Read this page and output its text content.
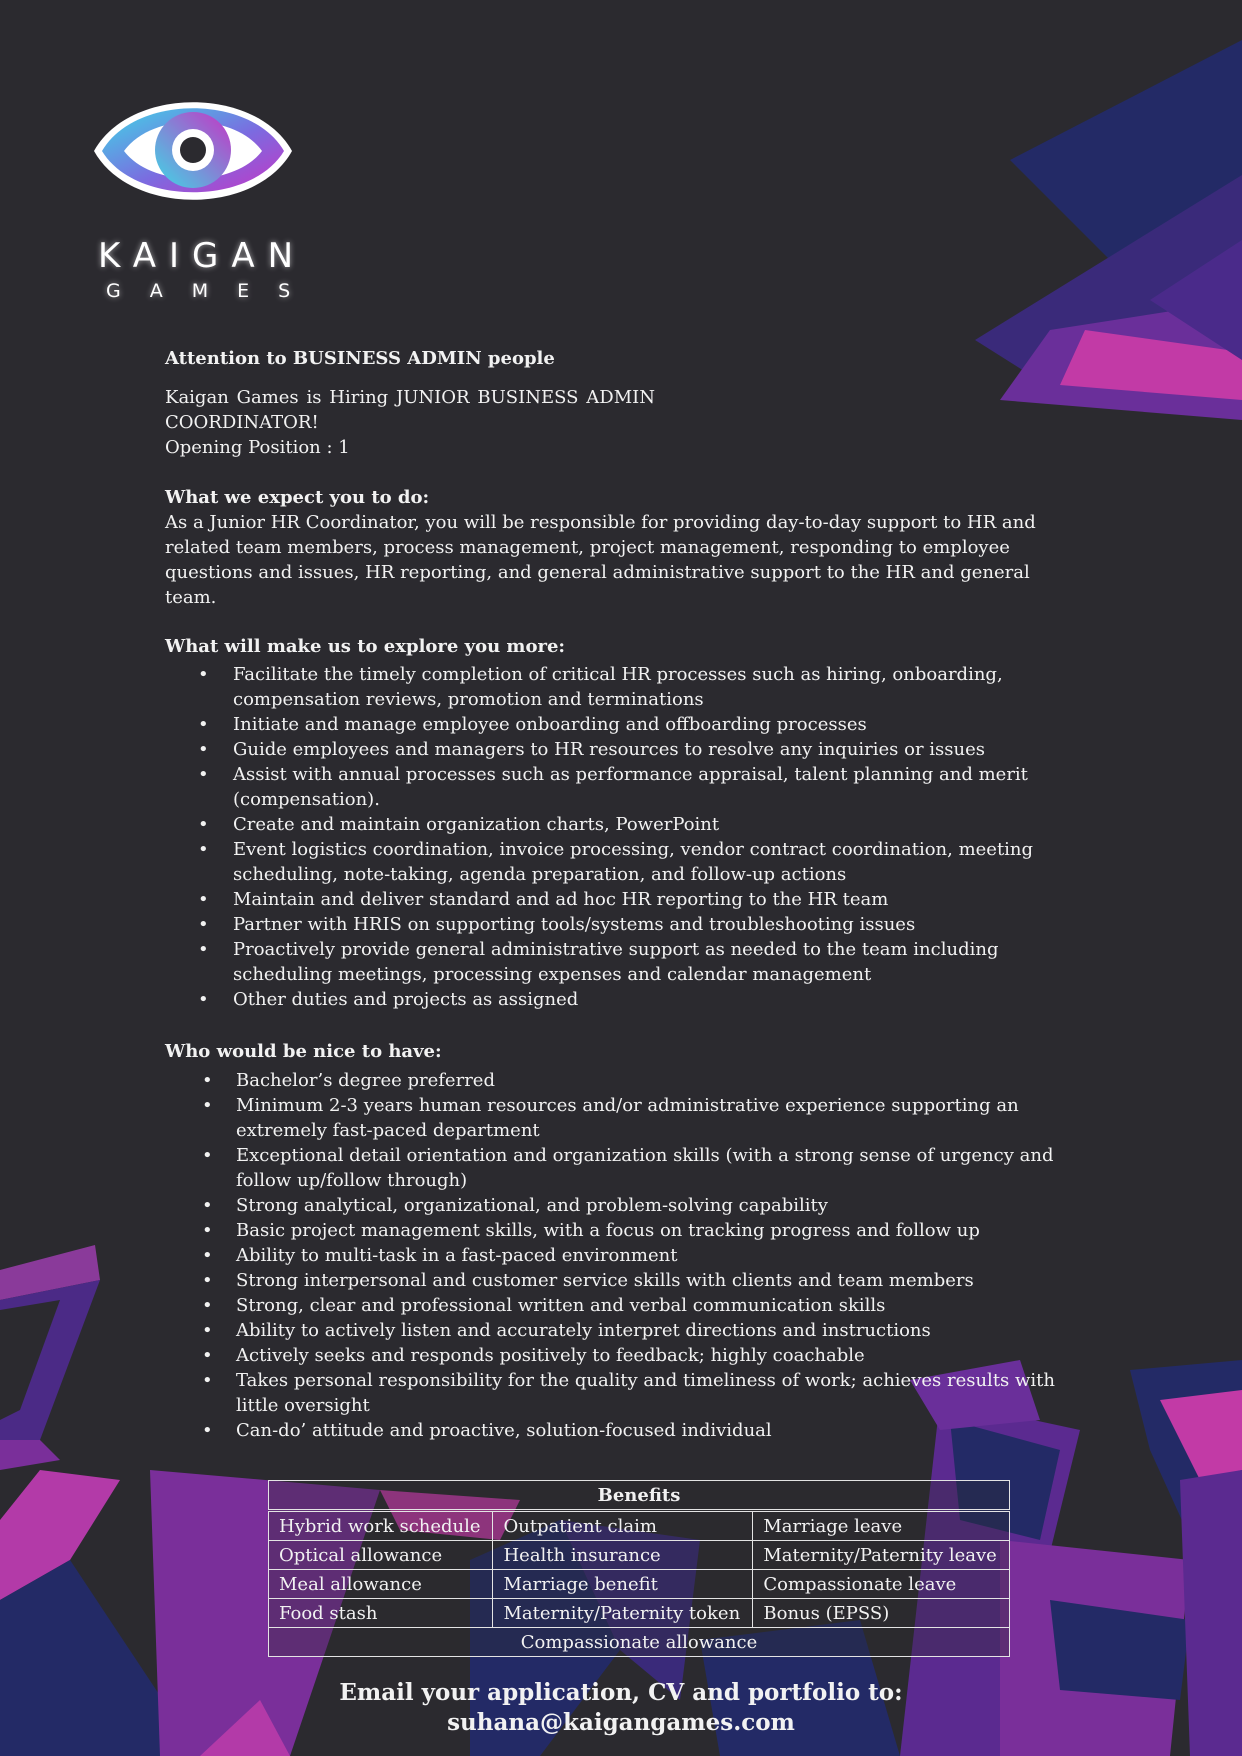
KAIGAN
GAMES

Attention to BUSINESS ADMIN people

Kaigan Games is Hiring JUNIOR BUSINESS ADMIN COORDINATOR!

Opening Position : 1

What we expect you to do:

As a Junior HR Coordinator, you will be responsible for providing day-to-day support to HR and related team members, process management, project management, responding to employee questions and issues, HR reporting, and general administrative support to the HR and general team.

What will make us to explore you more:

• Facilitate the timely completion of critical HR processes such as hiring, onboarding, compensation reviews, promotion and terminations
• Initiate and manage employee onboarding and offboarding processes
• Guide employees and managers to HR resources to resolve any inquiries or issues
• Assist with annual processes such as performance appraisal, talent planning and merit (compensation).
• Create and maintain organization charts, PowerPoint
• Event logistics coordination, invoice processing, vendor contract coordination, meeting scheduling, note-taking, agenda preparation, and follow-up actions
• Maintain and deliver standard and ad hoc HR reporting to the HR team
• Partner with HRIS on supporting tools/systems and troubleshooting issues
• Proactively provide general administrative support as needed to the team including scheduling meetings, processing expenses and calendar management
• Other duties and projects as assigned

Who would be nice to have:

• Bachelor’s degree preferred
• Minimum 2-3 years human resources and/or administrative experience supporting an extremely fast-paced department
• Exceptional detail orientation and organization skills (with a strong sense of urgency and follow up/follow through)
• Strong analytical, organizational, and problem-solving capability
• Basic project management skills, with a focus on tracking progress and follow up
• Ability to multi-task in a fast-paced environment
• Strong interpersonal and customer service skills with clients and team members
• Strong, clear and professional written and verbal communication skills
• Ability to actively listen and accurately interpret directions and instructions
• Actively seeks and responds positively to feedback; highly coachable
• Takes personal responsibility for the quality and timeliness of work; achieves results with little oversight
• Can-do’ attitude and proactive, solution-focused individual
Benefits		
Hybrid work schedule	Outpatient claim	Marriage leave
Optical allowance	Health insurance	Maternity/Paternity leave
Meal allowance	Marriage benefit	Compassionate leave
Food stash	Maternity/Paternity token	Bonus (EPSS)
Compassionate allowance		
Email your application, CV and portfolio to:
suhana@kaigangames.com
